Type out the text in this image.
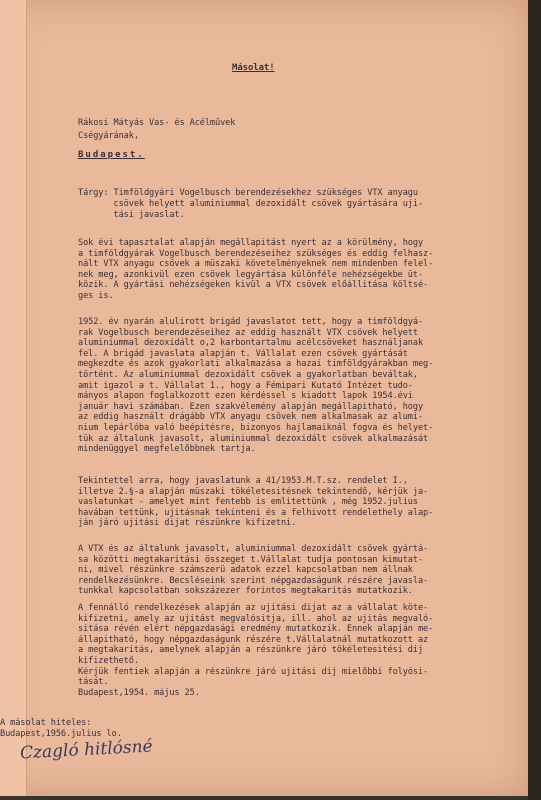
Másolat!
Rákosi Mátyás Vas- és Acélművek
Cségyárának,
Budapest.
Tárgy: Timföldgyári Vogelbusch berendezésekhez szükséges VTX anyagu
csövek helyett aluminiummal dezoxidált csövek gyártására uji-
tási javaslat.
Sok évi tapasztalat alapján megállapitást nyert az a körülmény, hogy
a timföldgyárak Vogelbusch berendezéseihez szükséges és eddig felhasz-
nált VTX anyagu csövek a müszaki követelményeknek nem mindenben felel-
nek meg, azonkivül ezen csövek legyártása különféle nehézségekbe üt-
közik. A gyártási nehézségeken kivül a VTX csövek előállitása költsé-
ges is.
1952. év nyarán alulirott brigád javaslatot tett, hogy a timföldgyá-
rak Vogelbusch berendezéseihez az eddig használt VTX csövek helyett
aluminiummal dezoxidált o,2 karbontartalmu acélcsöveket használjanak
fel. A brigád javaslata alapján t. Vállalat ezen csövek gyártását
megkezdte és azok gyakorlati alkalmazása a hazai timföldgyárakban meg-
történt. Az aluminiummal dezoxidált csövek a gyakorlatban beváltak,
amit igazol a t. Vállalat 1., hogy a Fémipari Kutató Intézet tudo-
mányos alapon foglalkozott ezen kérdéssel s kiadott lapok 1954.évi
január havi számában. Ezen szakvélemény alapján megállapitható, hogy
az eddig használt drágább VTX anyagu csövek nem alkalmasak az alumi-
nium lepárlóba való beépitésre, bizonyos hajlamaiknál fogva és helyet-
tük az általunk javasolt, aluminiummal dezoxidált csövek alkalmazását
mindenüggyel megfelelőbbnek tartja.
Tekintettel arra, hogy javaslatunk a 41/1953.M.T.sz. rendelet I.,
illetve 2.§-a alapján müszaki tökéletesitésnek tekintendő, kérjük ja-
vaslatunkat - amelyet mint fentebb is emlitettünk , még 1952.julius
havában tettünk, ujitásnak tekinteni és a felhivott rendelethely alap-
ján járó ujitási dijat részünkre kifizetni.
A VTX és az általunk javasolt, aluminiummal dezoxidált csövek gyártá-
sa közötti megtakaritási összeget t.Vállalat tudja pontosan kimutat-
ni, mivel részünkre számszerü adatok ezzel kapcsolatban nem állnak
rendelkezésünkre. Becsléseink szerint népgazdaságunk részére javasla-
tunkkal kapcsolatban sokszázezer forintos megtakaritás mutatkozik.
A fennálló rendelkezések alapján az ujitási dijat az a vállalat köte-
kifizetni, amely az ujitást megvalósitja, ill. ahol az ujitás megvaló-
sitása révén elért népgazdasági eredmény mutatkozik. Ennek alapján me-
állapitható, hogy népgazdaságunk részére t.Vállalatnál mutatkozott az
a megtakaritás, amelynek alapján a részünkre járó tökéletesitési dij
kifizethető.
Kérjük fentiek alapján a részünkre járó ujitási dij mielőbbi folyósi-
tását.
Budapest,1954. május 25.
A másolat hiteles:
Budapest,1956.julius lo.
Czagló hitlósné
